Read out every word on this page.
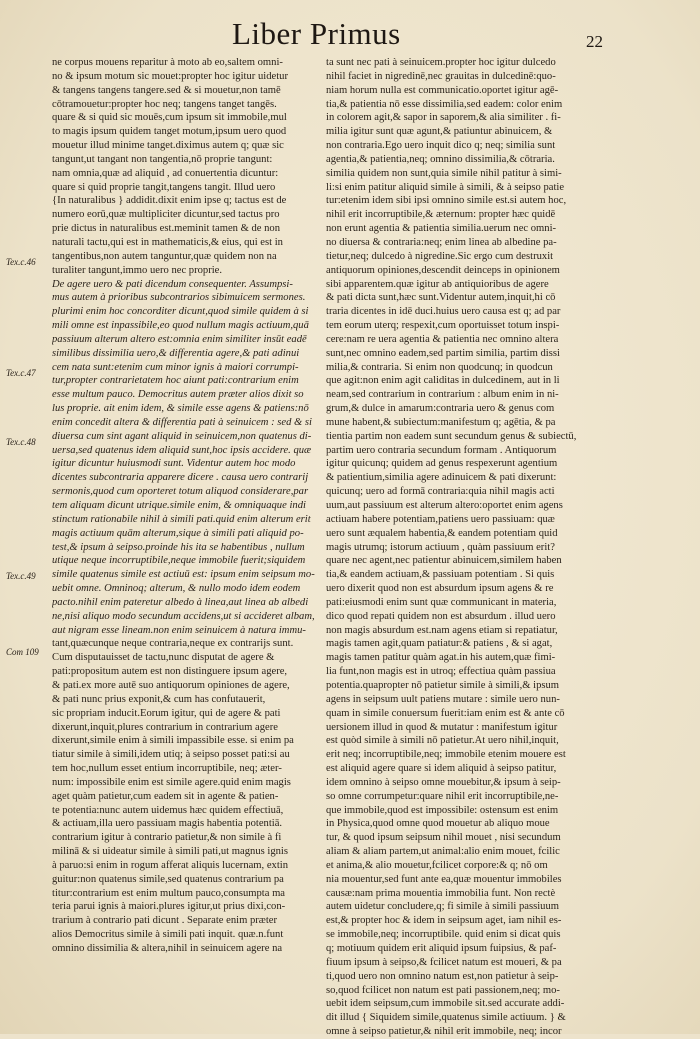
Liber Primus	22
Tex.c.46
Tex.c.47
Tex.c.48
Tex.c.49
Com 109
ne corpus mouens reparitur à moto ab eo,saltem omni-
no & ipsum motum sic mouet:propter hoc igitur uidetur
& tangens tangens tangere.sed & si mouetur,non tamē
cōtramouetur:propter hoc neq; tangens tanget tangēs.
quare & si quid sic mouēs,cum ipsum sit immobile,mul
to magis ipsum quidem tanget motum,ipsum uero quod
mouetur illud minime tanget.diximus autem q; quæ sic
tangunt,ut tangant non tangentia,nō proprie tangunt:
nam omnia,quæ ad aliquid , ad conuertentia dicuntur:
quare si quid proprie tangit,tangens tangit. Illud uero
{In naturalibus } addidit.dixit enim ipse q; tactus est de
numero eorū,quæ multipliciter dicuntur,sed tactus pro
prie dictus in naturalibus est.meminit tamen & de non
naturali tactu,qui est in mathematicis,& eius, qui est in
tangentibus,non autem tanguntur,quæ quidem non na
turaliter tangunt,immo uero nec proprie.
De agere uero & pati dicendum consequenter. Assumpsi-
mus autem à prioribus subcontrarios sibimuicem sermones.
plurimi enim hoc concorditer dicunt,quod simile quidem à si
mili omne est inpassibile,eo quod nullum magis actiuum,quā
passiuum alterum altero est:omnia enim similiter insūt eadē
similibus dissimilia uero,& differentia agere,& pati adinui
cem nata sunt:etenim cum minor ignis à maiori corrumpi-
tur,propter contrarietatem hoc aiunt pati:contrarium enim
esse multum pauco. Democritus autem præter alios dixit so
lus proprie. ait enim idem, & simile esse agens & patiens:nō
enim concedit altera & differentia pati à seinuicem : sed & si
diuersa cum sint agant aliquid in seinuicem,non quatenus di-
uersa,sed quatenus idem aliquid sunt,hoc ipsis accidere. quæ
igitur dicuntur huiusmodi sunt. Videntur autem hoc modo
dicentes subcontraria apparere dicere . causa uero contrarij
sermonis,quod cum oporteret totum aliquod considerare,par
tem aliquam dicunt utrique.simile enim, & omniquaque indi
stinctum rationabile nihil à simili pati.quid enim alterum erit
magis actiuum quām alterum,sique à simili pati aliquid po-
test,& ipsum à seipso.proinde his ita se habentibus , nullum
utique neque incorruptibile,neque immobile fuerit;siquidem
simile quatenus simile est actiuū est: ipsum enim seipsum mo-
uebit omne. Omninoq; alterum, & nullo modo idem eodem
pacto.nihil enim pateretur albedo à linea,aut linea ab albedi
ne,nisi aliquo modo secundum accidens,ut si accideret albam,
aut nigram esse lineam.non enim seinuicem à natura immu-
tant,quæcunque neque contraria,neque ex contrarijs sunt.
Cum disputauisset de tactu,nunc disputat de agere &
pati:propositum autem est non distinguere ipsum agere,
& pati.ex more autē suo antiquorum opiniones de agere,
& pati nunc prius exponit,& cum has confutauerit,
sic propriam inducit.Eorum igitur, qui de agere & pati
dixerunt,inquit,plures contrarium in contrarium agere
dixerunt,simile enim à simili impassibile esse. si enim pa
tiatur simile à simili,idem utiq; à seipso posset pati:si au
tem hoc,nullum esset entium incorruptibile, neq; æter-
num: impossibile enim est simile agere.quid enim magis
aget quàm patietur,cum eadem sit in agente & patien-
te potentia:nunc autem uidemus hæc quidem effectiuā,
& actiuam,illa uero passiuam magis habentia potentiā.
contrarium igitur à contrario patietur,& non simile à fi
milinā & si uideatur simile à simili pati,ut magnus ignis
à paruo:si enim in rogum afferat aliquis lucernam, extin
guitur:non quatenus simile,sed quatenus contrarium pa
titur:contrarium est enim multum pauco,consumpta ma
teria parui ignis à maiori.plures igitur,ut prius dixi,con-
trarium à contrario pati dicunt . Separate enim præter
alios Democritus simile à simili pati inquit. quæ.n.funt
omnino dissimilia & altera,nihil in seinuicem agere na
ta sunt nec pati à seinuicem.propter hoc igitur dulcedo
nihil faciet in nigredinē,nec grauitas in dulcedinē:quo-
niam horum nulla est communicatio.oportet igitur agē-
tia,& patientia nō esse dissimilia,sed eadem: color enim
in colorem agit,& sapor in saporem,& alia similiter . fi-
milia igitur sunt quæ agunt,& patiuntur abinuicem, &
non contraria.Ego uero inquit dico q; neq; similia sunt
agentia,& patientia,neq; omnino dissimilia,& cōtraria.
similia quidem non sunt,quia simile nihil patitur à simi-
li:si enim patitur aliquid simile à simili, & à seipso patie
tur:etenim idem sibi ipsi omnino simile est.si autem hoc,
nihil erit incorruptibile,& æternum: propter hæc quidē
non erunt agentia & patientia similia.uerum nec omni-
no diuersa & contraria:neq; enim linea ab albedine pa-
tietur,neq; dulcedo à nigredine.Sic ergo cum destruxit
antiquorum opiniones,descendit deinceps in opinionem
sibi apparentem.quæ igitur ab antiquioribus de agere
& pati dicta sunt,hæc sunt.Videntur autem,inquit,hi cō
traria dicentes in idē duci.huius uero causa est q; ad par
tem eorum uterq; respexit,cum oportuisset totum inspi-
cere:nam re uera agentia & patientia nec omnino altera
sunt,nec omnino eadem,sed partim similia, partim dissi
milia,& contraria. Si enim non quodcunq; in quodcun
que agit:non enim agit caliditas in dulcedinem, aut in li
neam,sed contrarium in contrarium : album enim in ni-
grum,& dulce in amarum:contraria uero & genus com
mune habent,& subiectum:manifestum q; agētia, & pa
tientia partim non eadem sunt secundum genus & subiectū,
partim uero contraria secundum formam . Antiquorum
igitur quicunq; quidem ad genus respexerunt agentium
& patientium,similia agere adinuicem & pati dixerunt:
quicunq; uero ad formā contraria:quia nihil magis acti
uum,aut passiuum est alterum altero:oportet enim agens
actiuam habere potentiam,patiens uero passiuam: quæ
uero sunt æqualem habentia,& eandem potentiam quid
magis utrumq; istorum actiuum , quàm passiuum erit?
quare nec agent,nec patientur abinuicem,similem haben
tia,& eandem actiuam,& passiuam potentiam . Si quis
uero dixerit quod non est absurdum ipsum agens & re
pati:eiusmodi enim sunt quæ communicant in materia,
dico quod repati quidem non est absurdum . illud uero
non magis absurdum est.nam agens etiam si repatiatur,
magis tamen agit,quam patiatur:& patiens , & si agat,
magis tamen patitur quàm agat.in his autem,quæ fimi-
lia funt,non magis est in utroq; effectiua quàm passiua
potentia.quapropter nō patietur simile à simili,& ipsum
agens in seipsum uult patiens mutare : simile uero nun-
quam in simile conuersum fuerit:iam enim est & ante cō
uersionem illud in quod & mutatur : manifestum igitur
est quòd simile à simili nō patietur.At uero nihil,inquit,
erit neq; incorruptibile,neq; immobile etenim mouere est
est aliquid agere quare si idem aliquid à seipso patitur,
idem omnino à seipso omne mouebitur,& ipsum à seip-
so omne corrumpetur:quare nihil erit incorruptibile,ne-
que immobile,quod est impossibile: ostensum est enim
in Physica,quod omne quod mouetur ab aliquo moue
tur, & quod ipsum seipsum nihil mouet , nisi secundum
aliam & aliam partem,ut animal:alio enim mouet, fcilic
et anima,& alio mouetur,fcilicet corpore:& q; nō om
nia mouentur,sed funt ante ea,quæ mouentur immobiles
causæ:nam prima mouentia immobilia funt. Non rectè
autem uidetur concludere,q; fi simile à simili passiuum
est,& propter hoc & idem in seipsum aget, iam nihil es-
se immobile,neq; incorruptibile. quid enim si dicat quis
q; motiuum quidem erit aliquid ipsum fuipsius, & paf-
fiuum ipsum à seipso,& fcilicet natum est moueri, & pa
ti,quod uero non omnino natum est,non patietur à seip-
so,quod fcilicet non natum est pati passionem,neq; mo-
uebit idem seipsum,cum immobile sit.sed accurate addi-
dit illud { Siquidem simile,quatenus simile actiuum. } &
omne à seipso patietur,& nihil erit immobile, neq; incor
